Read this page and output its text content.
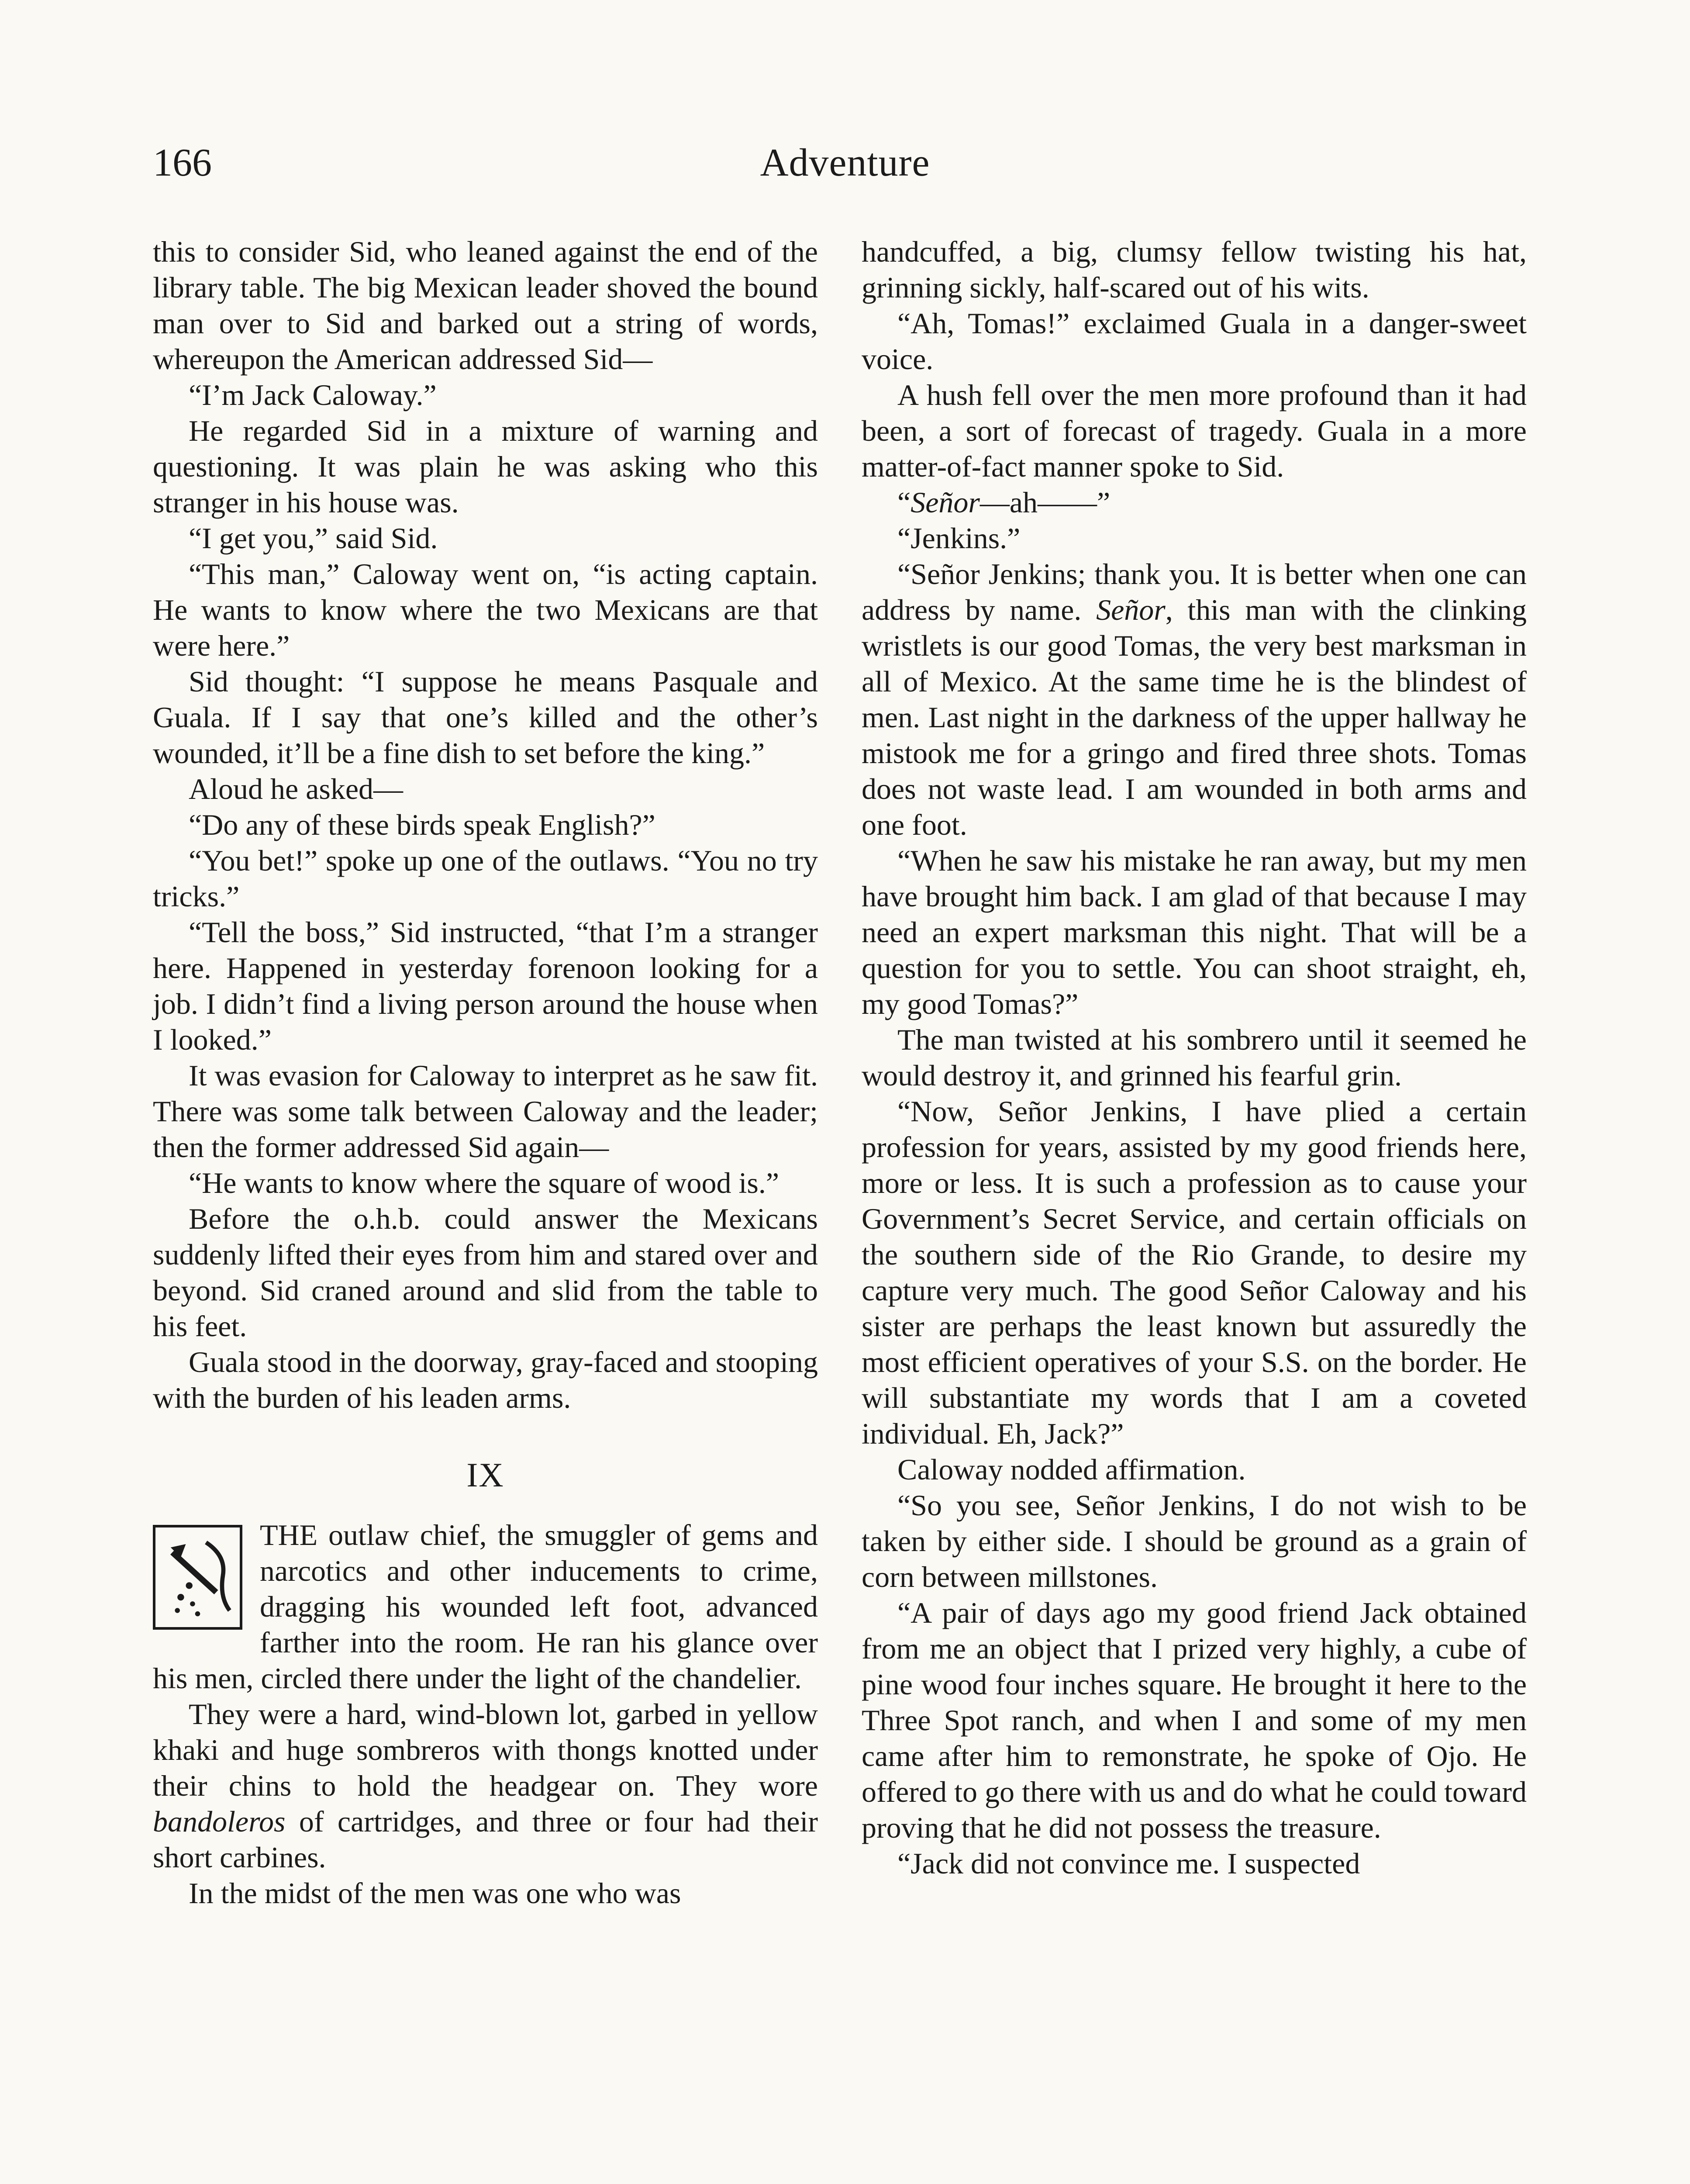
166	Adventure

this to consider Sid, who leaned against the end of the library table. The big Mexican leader shoved the bound man over to Sid and barked out a string of words, whereupon the American addressed Sid—

“I’m Jack Caloway.”

He regarded Sid in a mixture of warning and questioning. It was plain he was asking who this stranger in his house was.

“I get you,” said Sid.

“This man,” Caloway went on, “is acting captain. He wants to know where the two Mexicans are that were here.”

Sid thought: “I suppose he means Pasquale and Guala. If I say that one’s killed and the other’s wounded, it’ll be a fine dish to set before the king.”

Aloud he asked—

“Do any of these birds speak English?”

“You bet!” spoke up one of the outlaws. “You no try tricks.”

“Tell the boss,” Sid instructed, “that I’m a stranger here. Happened in yesterday forenoon looking for a job. I didn’t find a living person around the house when I looked.”

It was evasion for Caloway to interpret as he saw fit. There was some talk between Caloway and the leader; then the former addressed Sid again—

“He wants to know where the square of wood is.”

Before the o.h.b. could answer the Mexicans suddenly lifted their eyes from him and stared over and beyond. Sid craned around and slid from the table to his feet.

Guala stood in the doorway, gray-faced and stooping with the burden of his leaden arms.

IX

THE outlaw chief, the smuggler of gems and narcotics and other inducements to crime, dragging his wounded left foot, advanced farther into the room. He ran his glance over his men, circled there under the light of the chandelier.

They were a hard, wind-blown lot, garbed in yellow khaki and huge sombreros with thongs knotted under their chins to hold the headgear on. They wore bandoleros of cartridges, and three or four had their short carbines.

In the midst of the men was one who was

handcuffed, a big, clumsy fellow twisting his hat, grinning sickly, half-scared out of his wits.

“Ah, Tomas!” exclaimed Guala in a danger-sweet voice.

A hush fell over the men more profound than it had been, a sort of forecast of tragedy. Guala in a more matter-of-fact manner spoke to Sid.

“Señor—ah——”

“Jenkins.”

“Señor Jenkins; thank you. It is better when one can address by name. Señor, this man with the clinking wristlets is our good Tomas, the very best marksman in all of Mexico. At the same time he is the blindest of men. Last night in the darkness of the upper hallway he mistook me for a gringo and fired three shots. Tomas does not waste lead. I am wounded in both arms and one foot.

“When he saw his mistake he ran away, but my men have brought him back. I am glad of that because I may need an expert marksman this night. That will be a question for you to settle. You can shoot straight, eh, my good Tomas?”

The man twisted at his sombrero until it seemed he would destroy it, and grinned his fearful grin.

“Now, Señor Jenkins, I have plied a certain profession for years, assisted by my good friends here, more or less. It is such a profession as to cause your Government’s Secret Service, and certain officials on the southern side of the Rio Grande, to desire my capture very much. The good Señor Caloway and his sister are perhaps the least known but assuredly the most efficient operatives of your S.S. on the border. He will substantiate my words that I am a coveted individual. Eh, Jack?”

Caloway nodded affirmation.

“So you see, Señor Jenkins, I do not wish to be taken by either side. I should be ground as a grain of corn between millstones.

“A pair of days ago my good friend Jack obtained from me an object that I prized very highly, a cube of pine wood four inches square. He brought it here to the Three Spot ranch, and when I and some of my men came after him to remonstrate, he spoke of Ojo. He offered to go there with us and do what he could toward proving that he did not possess the treasure.

“Jack did not convince me. I suspected
